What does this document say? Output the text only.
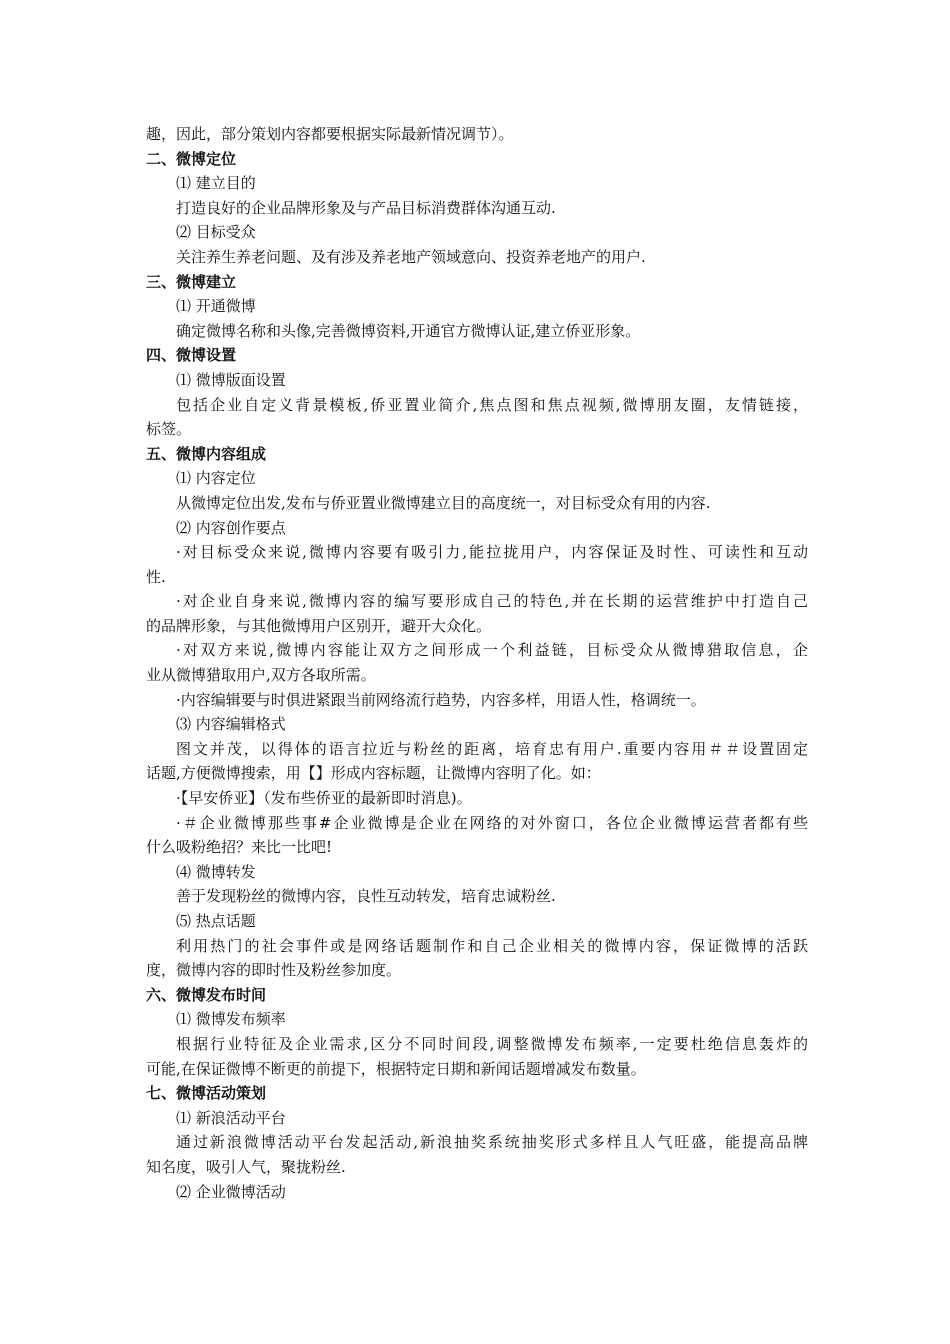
趣，因此，部分策划内容都要根据实际最新情况调节）。
二、微博定位
⑴ 建立目的
打造良好的企业品牌形象及与产品目标消费群体沟通互动.
⑵ 目标受众
关注养生养老问题、及有涉及养老地产领域意向、投资养老地产的用户.
三、微博建立
⑴ 开通微博
确定微博名称和头像,完善微博资料,开通官方微博认证,建立侨亚形象。
四、微博设置
⑴ 微博版面设置
包括企业自定义背景模板,侨亚置业简介,焦点图和焦点视频,微博朋友圈，友情链接，
标签。
五、微博内容组成
⑴ 内容定位
从微博定位出发,发布与侨亚置业微博建立目的高度统一，对目标受众有用的内容.
⑵ 内容创作要点
·对目标受众来说,微博内容要有吸引力,能拉拢用户，内容保证及时性、可读性和互动
性.
·对企业自身来说,微博内容的编写要形成自己的特色,并在长期的运营维护中打造自己
的品牌形象，与其他微博用户区别开，避开大众化。
·对双方来说,微博内容能让双方之间形成一个利益链，目标受众从微博猎取信息，企
业从微博猎取用户,双方各取所需。
·内容编辑要与时俱进紧跟当前网络流行趋势，内容多样，用语人性，格调统一。
⑶ 内容编辑格式
图文并茂，以得体的语言拉近与粉丝的距离，培育忠有用户.重要内容用＃＃设置固定
话题,方便微博搜索，用【】形成内容标题，让微博内容明了化。如：
·【早安侨亚】（发布些侨亚的最新即时消息)。
·＃企业微博那些事#企业微博是企业在网络的对外窗口，各位企业微博运营者都有些
什么吸粉绝招？来比一比吧!
⑷ 微博转发
善于发现粉丝的微博内容，良性互动转发，培育忠诚粉丝.
⑸ 热点话题
利用热门的社会事件或是网络话题制作和自己企业相关的微博内容，保证微博的活跃
度，微博内容的即时性及粉丝参加度。
六、微博发布时间
⑴ 微博发布频率
根据行业特征及企业需求,区分不同时间段,调整微博发布频率,一定要杜绝信息轰炸的
可能,在保证微博不断更的前提下，根据特定日期和新闻话题增减发布数量。
七、微博活动策划
⑴ 新浪活动平台
通过新浪微博活动平台发起活动,新浪抽奖系统抽奖形式多样且人气旺盛，能提高品牌
知名度，吸引人气，聚拢粉丝.
⑵ 企业微博活动
